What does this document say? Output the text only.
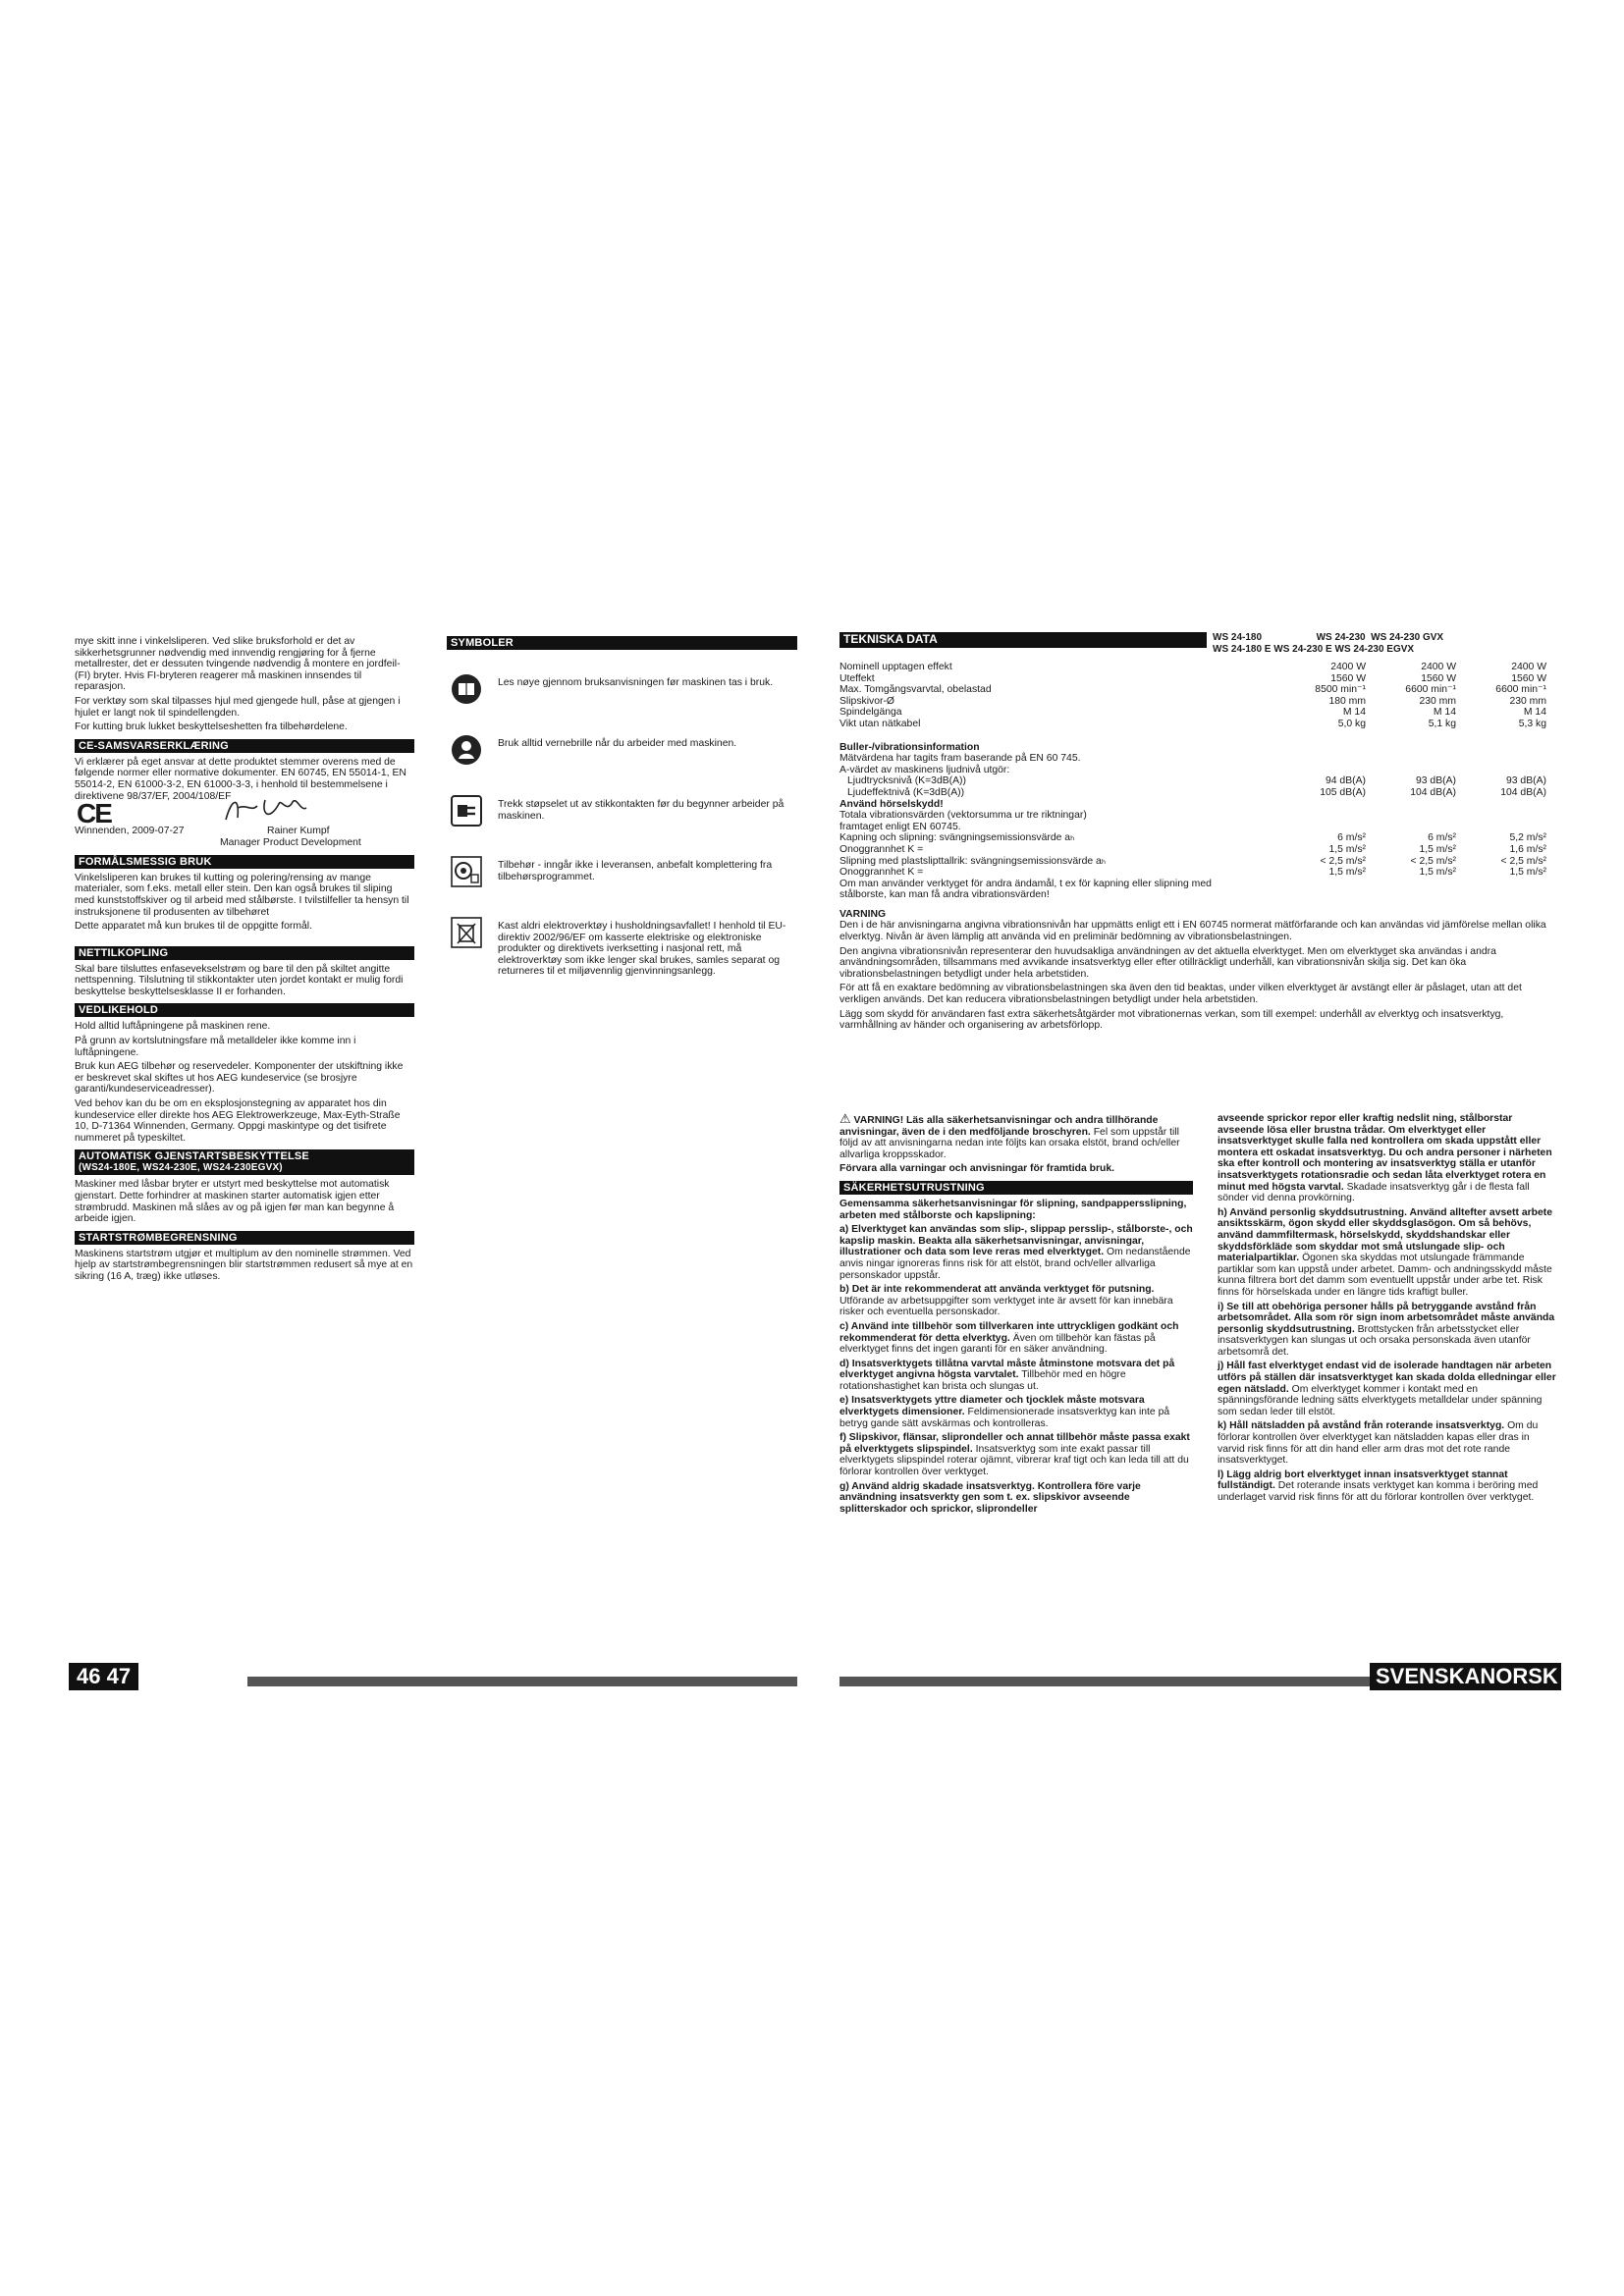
mye skitt inne i vinkelsliperen. Ved slike bruksforhold er det av sikkerhetsgrunner nødvendig med innvendig rengjøring for å fjerne metallrester, det er dessuten tvingende nødvendig å montere en jordfeil- (FI) bryter. Hvis FI-bryteren reagerer må maskinen innsendes til reparasjon.

For verktøy som skal tilpasses hjul med gjengede hull, påse at gjengen i hjulet er langt nok til spindellengden.

For kutting bruk lukket beskyttelseshetten fra tilbehørdelene.

CE-SAMSVARSERKLÆRING

Vi erklærer på eget ansvar at dette produktet stemmer overens med de følgende normer eller normative dokumenter. EN 60745, EN 55014-1, EN 55014-2, EN 61000-3-2, EN 61000-3-3, i henhold til bestemmelsene i direktivene 98/37/EF, 2004/108/EF

CE
Winnenden, 2009-07-27	Rainer Kumpf
Manager Product Development
FORMÅLSMESSIG BRUK

Vinkelsliperen kan brukes til kutting og polering/rensing av mange materialer, som f.eks. metall eller stein. Den kan også brukes til sliping med kunststoffskiver og til arbeid med stålbørste. I tvilstilfeller ta hensyn til instruksjonene til produsenten av tilbehøret

Dette apparatet må kun brukes til de oppgitte formål.

NETTILKOPLING

Skal bare tilsluttes enfasevekselstrøm og bare til den på skiltet angitte nettspenning. Tilslutning til stikkontakter uten jordet kontakt er mulig fordi beskyttelse beskyttelsesklasse II er forhanden.

VEDLIKEHOLD

Hold alltid luftåpningene på maskinen rene.

På grunn av kortslutningsfare må metalldeler ikke komme inn i luftåpningene.

Bruk kun AEG tilbehør og reservedeler. Komponenter der utskiftning ikke er beskrevet skal skiftes ut hos AEG kundeservice (se brosjyre garanti/kundeserviceadresser).

Ved behov kan du be om en eksplosjonstegning av apparatet hos din kundeservice eller direkte hos AEG Elektrowerkzeuge, Max-Eyth-Straße 10, D-71364 Winnenden, Germany. Oppgi maskintype og det tisifrete nummeret på typeskiltet.

AUTOMATISK GJENSTARTSBESKYTTELSE
(WS24-180E, WS24-230E, WS24-230EGVX)

Maskiner med låsbar bryter er utstyrt med beskyttelse mot automatisk gjenstart. Dette forhindrer at maskinen starter automatisk igjen etter strømbrudd. Maskinen må slåes av og på igjen før man kan begynne å arbeide igjen.

STARTSTRØMBEGRENSNING

Maskinens startstrøm utgjør et multiplum av den nominelle strømmen. Ved hjelp av startstrømbegrensningen blir startstrømmen redusert så mye at en sikring (16 A, træg) ikke utløses.

SYMBOLER
Les nøye gjennom bruksanvisningen før maskinen tas i bruk.
Bruk alltid vernebrille når du arbeider med maskinen.
Trekk støpselet ut av stikkontakten før du begynner arbeider på maskinen.
Tilbehør - inngår ikke i leveransen, anbefalt komplettering fra tilbehørsprogrammet.
Kast aldri elektroverktøy i husholdningsavfallet! I henhold til EU-direktiv 2002/96/EF om kasserte elektriske og elektroniske produkter og direktivets iverksetting i nasjonal rett, må elektroverktøy som ikke lenger skal brukes, samles separat og returneres til et miljøvennlig gjenvinningsanlegg.
46 47
TEKNISKA DATA	WS 24-180                    WS 24-230  WS 24-230 GVX
WS 24-180 E WS 24-230 E WS 24-230 EGVX
Nominell upptagen effekt	2400 W	2400 W	2400 W
Uteffekt	1560 W	1560 W	1560 W
Max. Tomgångsvarvtal, obelastad	8500 min⁻¹	6600 min⁻¹	6600 min⁻¹
Slipskivor-Ø	180 mm	230 mm	230 mm
Spindelgänga	M 14	M 14	M 14
Vikt utan nätkabel	5,0 kg	5,1 kg	5,3 kg
Buller-/vibrationsinformation
Mätvärdena har tagits fram baserande på EN 60 745.
A-värdet av maskinens ljudnivå utgör:
Ljudtrycksnivå (K=3dB(A))	94 dB(A)	93 dB(A)	93 dB(A)
Ljudeffektnivå (K=3dB(A))	105 dB(A)	104 dB(A)	104 dB(A)
Använd hörselskydd!
Totala vibrationsvärden (vektorsumma ur tre riktningar)
framtaget enligt EN 60745.
Kapning och slipning: svängningsemissionsvärde aₕ	6 m/s²	6 m/s²	5,2 m/s²
Onoggrannhet K =	1,5 m/s²	1,5 m/s²	1,6 m/s²
Slipning med plastslipttallrik: svängningsemissionsvärde aₕ	< 2,5 m/s²	< 2,5 m/s²	< 2,5 m/s²
Onoggrannhet K =	1,5 m/s²	1,5 m/s²	1,5 m/s²

Om man använder verktyget för andra ändamål, t ex för kapning eller slipning med stålborste, kan man få andra vibrationsvärden!

VARNING

Den i de här anvisningarna angivna vibrationsnivån har uppmätts enligt ett i EN 60745 normerat mätförfarande och kan användas vid jämförelse mellan olika elverktyg. Nivån är även lämplig att använda vid en preliminär bedömning av vibrationsbelastningen.

Den angivna vibrationsnivån representerar den huvudsakliga användningen av det aktuella elverktyget. Men om elverktyget ska användas i andra användningsområden, tillsammans med avvikande insatsverktyg eller efter otillräckligt underhåll, kan vibrationsnivån skilja sig. Det kan öka vibrationsbelastningen betydligt under hela arbetstiden.

För att få en exaktare bedömning av vibrationsbelastningen ska även den tid beaktas, under vilken elverktyget är avstängt eller är påslaget, utan att det verkligen används. Det kan reducera vibrationsbelastningen betydligt under hela arbetstiden.

Lägg som skydd för användaren fast extra säkerhetsåtgärder mot vibrationernas verkan, som till exempel: underhåll av elverktyg och insatsverktyg, varmhållning av händer och organisering av arbetsförlopp.

⚠ VARNING! Läs alla säkerhetsanvisningar och andra tillhörande anvisningar, även de i den medföljande broschyren. Fel som uppstår till följd av att anvisningarna nedan inte följts kan orsaka elstöt, brand och/eller allvarliga kroppsskador.

Förvara alla varningar och anvisningar för framtida bruk.

SÄKERHETSUTRUSTNING

Gemensamma säkerhetsanvisningar för slipning, sandpappersslipning, arbeten med stålborste och kapslipning:

a) Elverktyget kan användas som slip-, slippap persslip-, stålborste-, och kapslip maskin. Beakta alla säkerhetsanvisningar, anvisningar, illustrationer och data som leve reras med elverktyget. Om nedanstående anvis ningar ignoreras finns risk för att elstöt, brand och/eller allvarliga personskador uppstår.

b) Det är inte rekommenderat att använda verktyget för putsning. Utförande av arbetsuppgifter som verktyget inte är avsett för kan innebära risker och eventuella personskador.

c) Använd inte tillbehör som tillverkaren inte uttryckligen godkänt och rekommenderat för detta elverktyg. Även om tillbehör kan fästas på elverktyget finns det ingen garanti för en säker användning.

d) Insatsverktygets tillåtna varvtal måste åtminstone motsvara det på elverktyget angivna högsta varvtalet. Tillbehör med en högre rotationshastighet kan brista och slungas ut.

e) Insatsverktygets yttre diameter och tjocklek måste motsvara elverktygets dimensioner. Feldimensionerade insatsverktyg kan inte på betryg gande sätt avskärmas och kontrolleras.

f) Slipskivor, flänsar, sliprondeller och annat tillbehör måste passa exakt på elverktygets slipspindel. Insatsverktyg som inte exakt passar till elverktygets slipspindel roterar ojämnt, vibrerar kraf tigt och kan leda till att du förlorar kontrollen över verktyget.

g) Använd aldrig skadade insatsverktyg. Kontrollera före varje användning insatsverkty gen som t. ex. slipskivor avseende splitterskador och sprickor, sliprondeller

avseende sprickor repor eller kraftig nedslit ning, stålborstar avseende lösa eller brustna trådar. Om elverktyget eller insatsverktyget skulle falla ned kontrollera om skada uppstått eller montera ett oskadat insatsverktyg. Du och andra personer i närheten ska efter kontroll och montering av insatsverktyg ställa er utanför insatsverktygets rotationsradie och sedan låta elverktyget rotera en minut med högsta varvtal. Skadade insatsverktyg går i de flesta fall sönder vid denna provkörning.

h) Använd personlig skyddsutrustning. Använd alltefter avsett arbete ansiktsskärm, ögon skydd eller skyddsglasögon. Om så behövs, använd dammfiltermask, hörselskydd, skyddshandskar eller skyddsförkläde som skyddar mot små utslungade slip- och materialpartiklar. Ögonen ska skyddas mot utslungade främmande partiklar som kan uppstå under arbetet. Damm- och andningsskydd måste kunna filtrera bort det damm som eventuellt uppstår under arbe tet. Risk finns för hörselskada under en längre tids kraftigt buller.

i) Se till att obehöriga personer hålls på betryggande avstånd från arbetsområdet. Alla som rör sign inom arbetsområdet måste använda personlig skyddsutrustning. Brottstycken från arbetsstycket eller insatsverktygen kan slungas ut och orsaka personskada även utanför arbetsområ det.

j) Håll fast elverktyget endast vid de isolerade handtagen när arbeten utförs på ställen där insatsverktyget kan skada dolda elledningar eller egen nätsladd. Om elverktyget kommer i kontakt med en spänningsförande ledning sätts elverktygets metalldelar under spänning som sedan leder till elstöt.

k) Håll nätsladden på avstånd från roterande insatsverktyg. Om du förlorar kontrollen över elverktyget kan nätsladden kapas eller dras in varvid risk finns för att din hand eller arm dras mot det rote rande insatsverktyget.

l) Lägg aldrig bort elverktyget innan insatsverktyget stannat fullständigt. Det roterande insats verktyget kan komma i beröring med underlaget varvid risk finns för att du förlorar kontrollen över verktyget.

SVENSKANORSK
